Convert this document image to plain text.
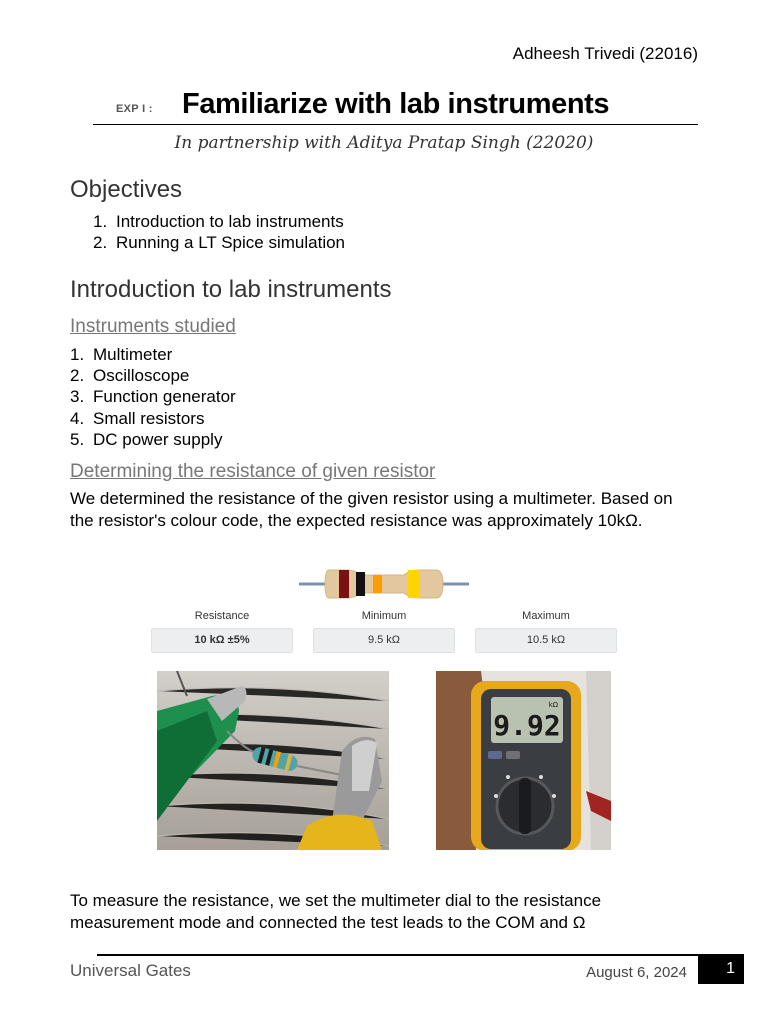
Adheesh Trivedi (22016)
EXP I : Familiarize with lab instruments
In partnership with Aditya Pratap Singh (22020)
Objectives
1. Introduction to lab instruments
2. Running a LT Spice simulation
Introduction to lab instruments
Instruments studied
1. Multimeter
2. Oscilloscope
3. Function generator
4. Small resistors
5. DC power supply
Determining the resistance of given resistor

We determined the resistance of the given resistor using a multimeter. Based on the resistor's colour code, the expected resistance was approximately 10kΩ.

Resistance
10 kΩ ±5%
Minimum
9.5 kΩ
Maximum
10.5 kΩ
9.92
kΩ

To measure the resistance, we set the multimeter dial to the resistance measurement mode and connected the test leads to the COM and Ω

Universal Gates	August 6, 2024	1
